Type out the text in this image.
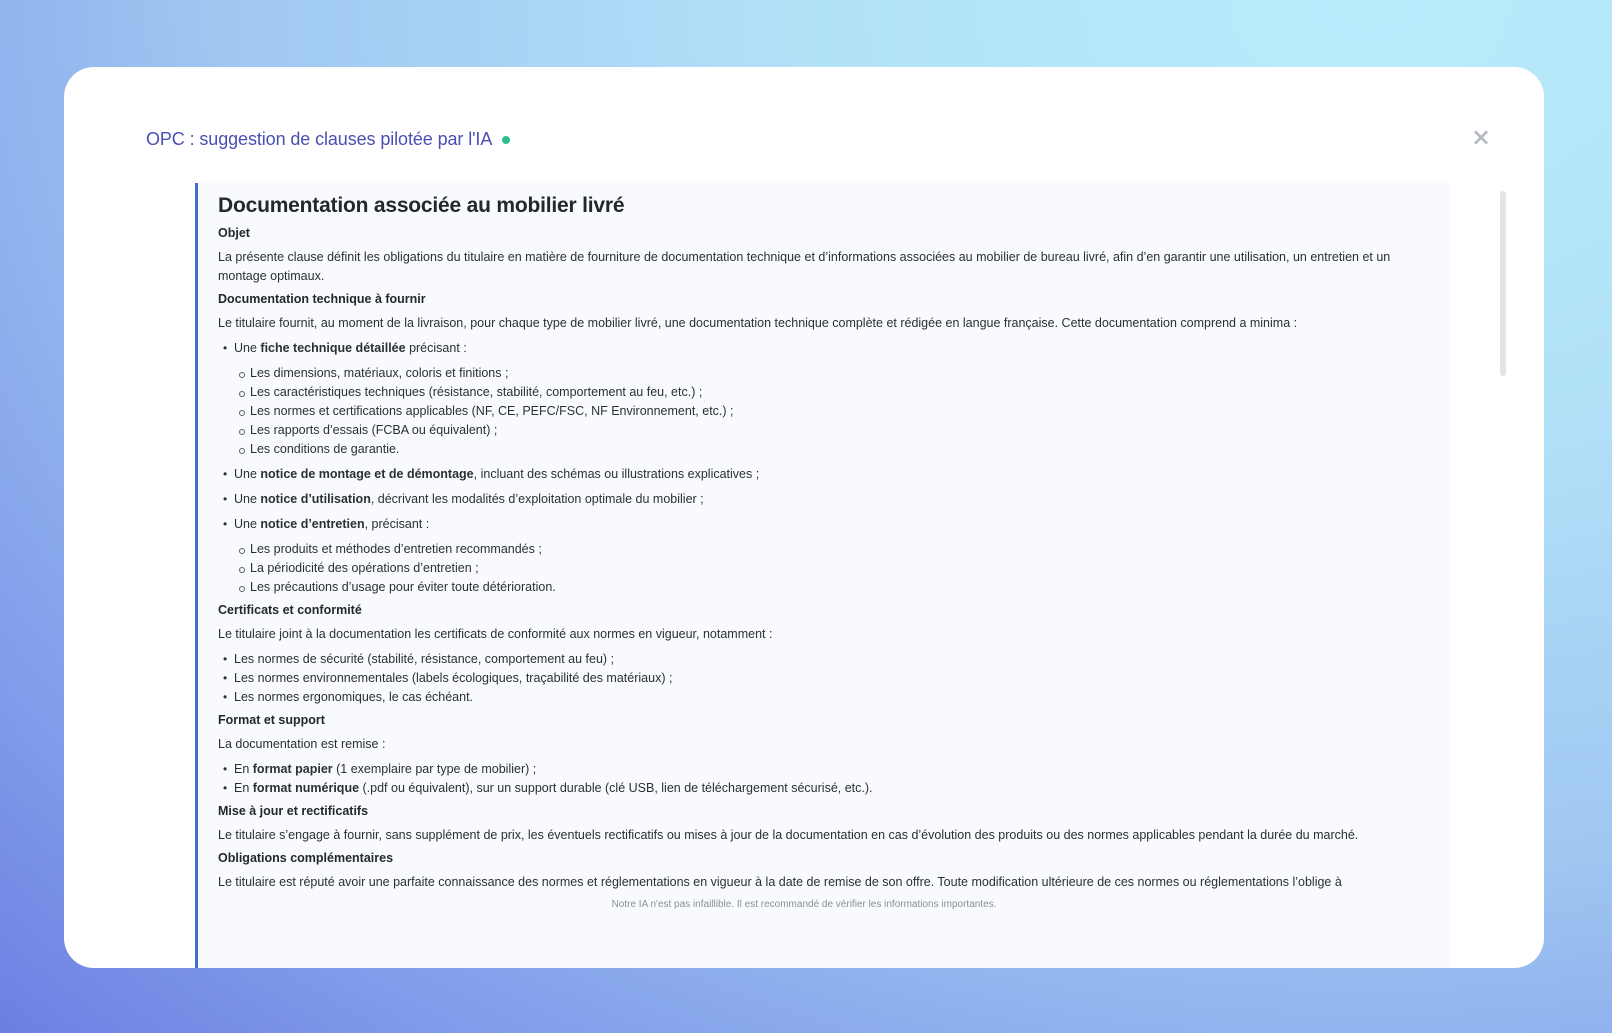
OPC : suggestion de clauses pilotée par l'IA	×
Documentation associée au mobilier livré
Objet

La présente clause définit les obligations du titulaire en matière de fourniture de documentation technique et d’informations associées au mobilier de bureau livré, afin d’en garantir une utilisation, un entretien et un montage optimaux.

Documentation technique à fournir

Le titulaire fournit, au moment de la livraison, pour chaque type de mobilier livré, une documentation technique complète et rédigée en langue française. Cette documentation comprend a minima :

• Une fiche technique détaillée précisant :
Les dimensions, matériaux, coloris et finitions ;
Les caractéristiques techniques (résistance, stabilité, comportement au feu, etc.) ;
Les normes et certifications applicables (NF, CE, PEFC/FSC, NF Environnement, etc.) ;
Les rapports d’essais (FCBA ou équivalent) ;
Les conditions de garantie.
• Une notice de montage et de démontage, incluant des schémas ou illustrations explicatives ;
• Une notice d’utilisation, décrivant les modalités d’exploitation optimale du mobilier ;
• Une notice d’entretien, précisant :
Les produits et méthodes d’entretien recommandés ;
La périodicité des opérations d’entretien ;
Les précautions d’usage pour éviter toute détérioration.
Certificats et conformité

Le titulaire joint à la documentation les certificats de conformité aux normes en vigueur, notamment :

• Les normes de sécurité (stabilité, résistance, comportement au feu) ;
• Les normes environnementales (labels écologiques, traçabilité des matériaux) ;
• Les normes ergonomiques, le cas échéant.
Format et support

La documentation est remise :

• En format papier (1 exemplaire par type de mobilier) ;
• En format numérique (.pdf ou équivalent), sur un support durable (clé USB, lien de téléchargement sécurisé, etc.).
Mise à jour et rectificatifs

Le titulaire s’engage à fournir, sans supplément de prix, les éventuels rectificatifs ou mises à jour de la documentation en cas d’évolution des produits ou des normes applicables pendant la durée du marché.

Obligations complémentaires

Le titulaire est réputé avoir une parfaite connaissance des normes et réglementations en vigueur à la date de remise de son offre. Toute modification ultérieure de ces normes ou réglementations l’oblige à

Notre IA n'est pas infaillible. Il est recommandé de vérifier les informations importantes.
